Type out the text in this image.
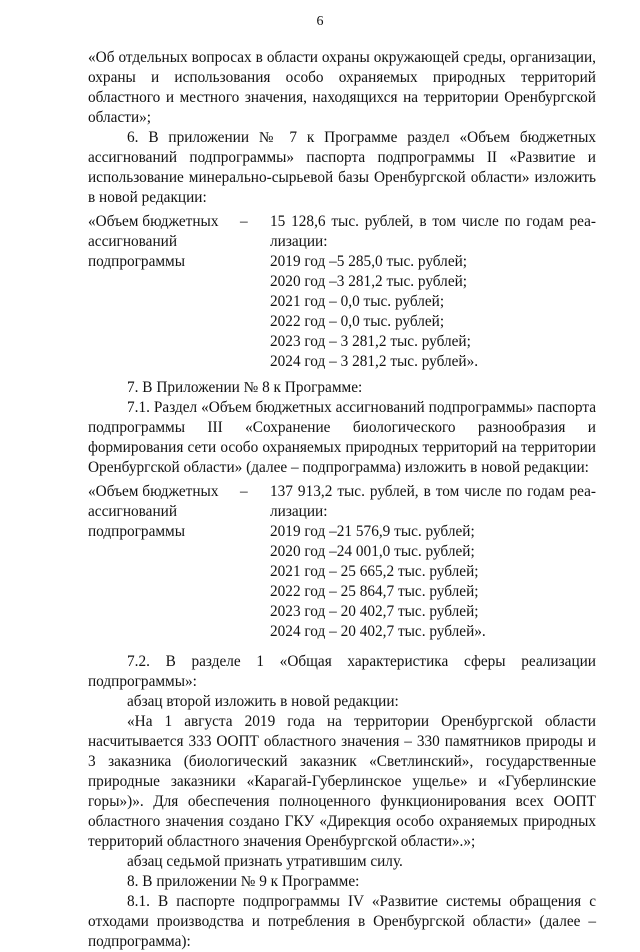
6

«Об отдельных вопросах в области охраны окружающей среды, организации, охраны и использования особо охраняемых природных территорий областного и местного значения, находящихся на территории Оренбургской области»;

6. В приложении № 7 к Программе раздел «Объем бюджетных ассигнований подпрограммы» паспорта подпрограммы II «Развитие и использование минерально-сырьевой базы Оренбургской области» изложить в новой редакции:

«Объем бюджетных
ассигнований
подпрограммы
–	15 128,6 тыс. рублей, в том числе по годам реа-
лизации:
2019 год –5 285,0 тыс. рублей;
2020 год –3 281,2 тыс. рублей;
2021 год – 0,0 тыс. рублей;
2022 год – 0,0 тыс. рублей;
2023 год – 3 281,2 тыс. рублей;
2024 год – 3 281,2 тыс. рублей».

7. В Приложении № 8 к Программе:

7.1. Раздел «Объем бюджетных ассигнований подпрограммы» паспорта подпрограммы III «Сохранение биологического разнообразия и формирования сети особо охраняемых природных территорий на территории Оренбургской области» (далее – подпрограмма) изложить в новой редакции:

«Объем бюджетных
ассигнований
подпрограммы
–	137 913,2 тыс. рублей, в том числе по годам реа-
лизации:
2019 год –21 576,9 тыс. рублей;
2020 год –24 001,0 тыс. рублей;
2021 год – 25 665,2 тыс. рублей;
2022 год – 25 864,7 тыс. рублей;
2023 год – 20 402,7 тыс. рублей;
2024 год – 20 402,7 тыс. рублей».

7.2. В разделе 1 «Общая характеристика сферы реализации подпрограммы»:

абзац второй изложить в новой редакции:

«На 1 августа 2019 года на территории Оренбургской области насчитывается 333 ООПТ областного значения – 330 памятников природы и 3 заказника (биологический заказник «Светлинский», государственные природные заказники «Карагай-Губерлинское ущелье» и «Губерлинские горы»)». Для обеспечения полноценного функционирования всех ООПТ областного значения создано ГКУ «Дирекция особо охраняемых природных территорий областного значения Оренбургской области».»;

абзац седьмой признать утратившим силу.

8. В приложении № 9 к Программе:

8.1. В паспорте подпрограммы IV «Развитие системы обращения с отходами производства и потребления в Оренбургской области» (далее – подпрограмма):
